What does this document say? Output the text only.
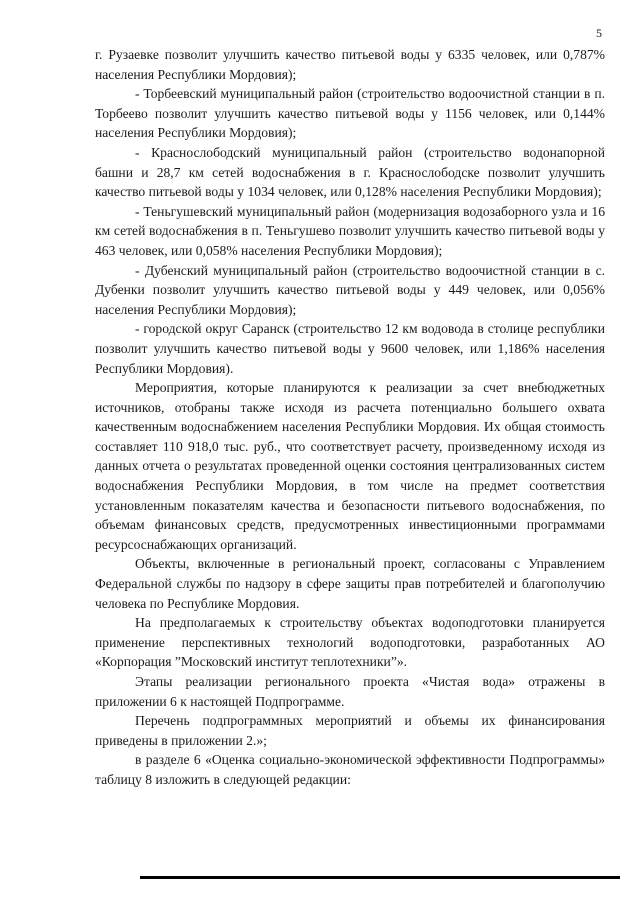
5

г. Рузаевке позволит улучшить качество питьевой воды у 6335 человек, или 0,787% населения Республики Мордовия);

- Торбеевский муниципальный район (строительство водоочистной станции в п. Торбеево позволит улучшить качество питьевой воды у 1156 человек, или 0,144% населения Республики Мордовия);

- Краснослободский муниципальный район (строительство водонапорной башни и 28,7 км сетей водоснабжения в г. Краснослободске позволит улучшить качество питьевой воды у 1034 человек, или 0,128% населения Республики Мордовия);

- Теньгушевский муниципальный район (модернизация водозаборного узла и 16 км сетей водоснабжения в п. Теньгушево позволит улучшить качество питьевой воды у 463 человек, или 0,058% населения Республики Мордовия);

- Дубенский муниципальный район (строительство водоочистной станции в с. Дубенки позволит улучшить качество питьевой воды у 449 человек, или 0,056% населения Республики Мордовия);

- городской округ Саранск (строительство 12 км водовода в столице республики позволит улучшить качество питьевой воды у 9600 человек, или 1,186% населения Республики Мордовия).

Мероприятия, которые планируются к реализации за счет внебюджетных источников, отобраны также исходя из расчета потенциально большего охвата качественным водоснабжением населения Республики Мордовия. Их общая стоимость составляет 110 918,0 тыс. руб., что соответствует расчету, произведенному исходя из данных отчета о результатах проведенной оценки состояния централизованных систем водоснабжения Республики Мордовия, в том числе на предмет соответствия установленным показателям качества и безопасности питьевого водоснабжения, по объемам финансовых средств, предусмотренных инвестиционными программами ресурсоснабжающих организаций.

Объекты, включенные в региональный проект, согласованы с Управлением Федеральной службы по надзору в сфере защиты прав потребителей и благополучию человека по Республике Мордовия.

На предполагаемых к строительству объектах водоподготовки планируется применение перспективных технологий водоподготовки, разработанных АО «Корпорация ”Московский институт теплотехники”».

Этапы реализации регионального проекта «Чистая вода» отражены в приложении 6 к настоящей Подпрограмме.

Перечень подпрограммных мероприятий и объемы их финансирования приведены в приложении 2.»;

в разделе 6 «Оценка социально-экономической эффективности Подпрограммы» таблицу 8 изложить в следующей редакции:
